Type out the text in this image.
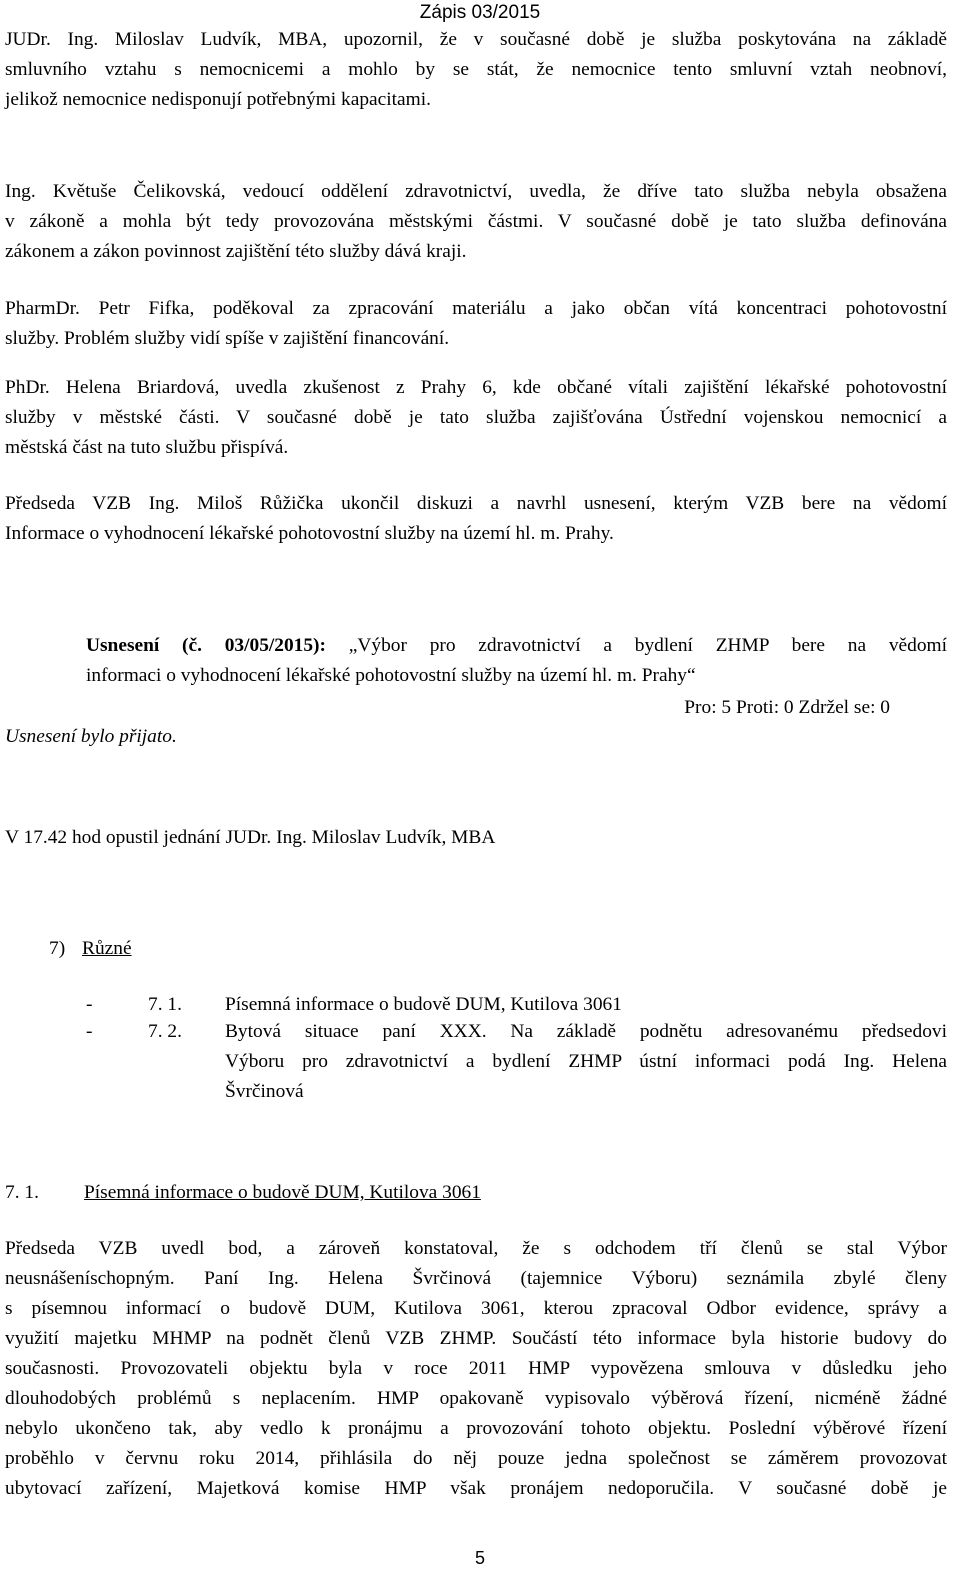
Zápis 03/2015
JUDr. Ing. Miloslav Ludvík, MBA, upozornil, že v současné době je služba poskytována na základě
smluvního vztahu s nemocnicemi a mohlo by se stát, že nemocnice tento smluvní vztah neobnoví,
jelikož nemocnice nedisponují potřebnými kapacitami.
Ing. Květuše Čelikovská, vedoucí oddělení zdravotnictví, uvedla, že dříve tato služba nebyla obsažena
v zákoně a mohla být tedy provozována městskými částmi. V současné době je tato služba definována
zákonem a zákon povinnost zajištění této služby dává kraji.
PharmDr. Petr Fifka, poděkoval za zpracování materiálu a jako občan vítá koncentraci pohotovostní
služby. Problém služby vidí spíše v zajištění financování.
PhDr. Helena Briardová, uvedla zkušenost z Prahy 6, kde občané vítali zajištění lékařské pohotovostní
služby v městské části. V současné době je tato služba zajišťována Ústřední vojenskou nemocnicí a
městská část na tuto službu přispívá.
Předseda VZB Ing. Miloš Růžička ukončil diskuzi a navrhl usnesení, kterým VZB bere na vědomí
Informace o vyhodnocení lékařské pohotovostní služby na území hl. m. Prahy.
Usnesení (č. 03/05/2015): „Výbor pro zdravotnictví a bydlení ZHMP bere na vědomí
informaci o vyhodnocení lékařské pohotovostní služby na území hl. m. Prahy“
Pro: 5 Proti: 0 Zdržel se: 0
Usnesení bylo přijato.
V 17.42 hod opustil jednání JUDr. Ing. Miloslav Ludvík, MBA
7) Různé
-	7. 1. Písemná informace o budově DUM, Kutilova 3061
-	7. 2. Bytová situace paní XXX. Na základě podnětu adresovanému předsedovi
Výboru pro zdravotnictví a bydlení ZHMP ústní informaci podá Ing. Helena
Švrčinová
7. 1. Písemná informace o budově DUM, Kutilova 3061
Předseda VZB uvedl bod, a zároveň konstatoval, že s odchodem tří členů se stal Výbor
neusnášeníschopným. Paní Ing. Helena Švrčinová (tajemnice Výboru) seznámila zbylé členy
s písemnou informací o budově DUM, Kutilova 3061, kterou zpracoval Odbor evidence, správy a
využití majetku MHMP na podnět členů VZB ZHMP. Součástí této informace byla historie budovy do
současnosti. Provozovateli objektu byla v roce 2011 HMP vypovězena smlouva v důsledku jeho
dlouhodobých problémů s neplacením. HMP opakovaně vypisovalo výběrová řízení, nicméně žádné
nebylo ukončeno tak, aby vedlo k pronájmu a provozování tohoto objektu. Poslední výběrové řízení
proběhlo v červnu roku 2014, přihlásila do něj pouze jedna společnost se záměrem provozovat
ubytovací zařízení, Majetková komise HMP však pronájem nedoporučila. V současné době je
5
